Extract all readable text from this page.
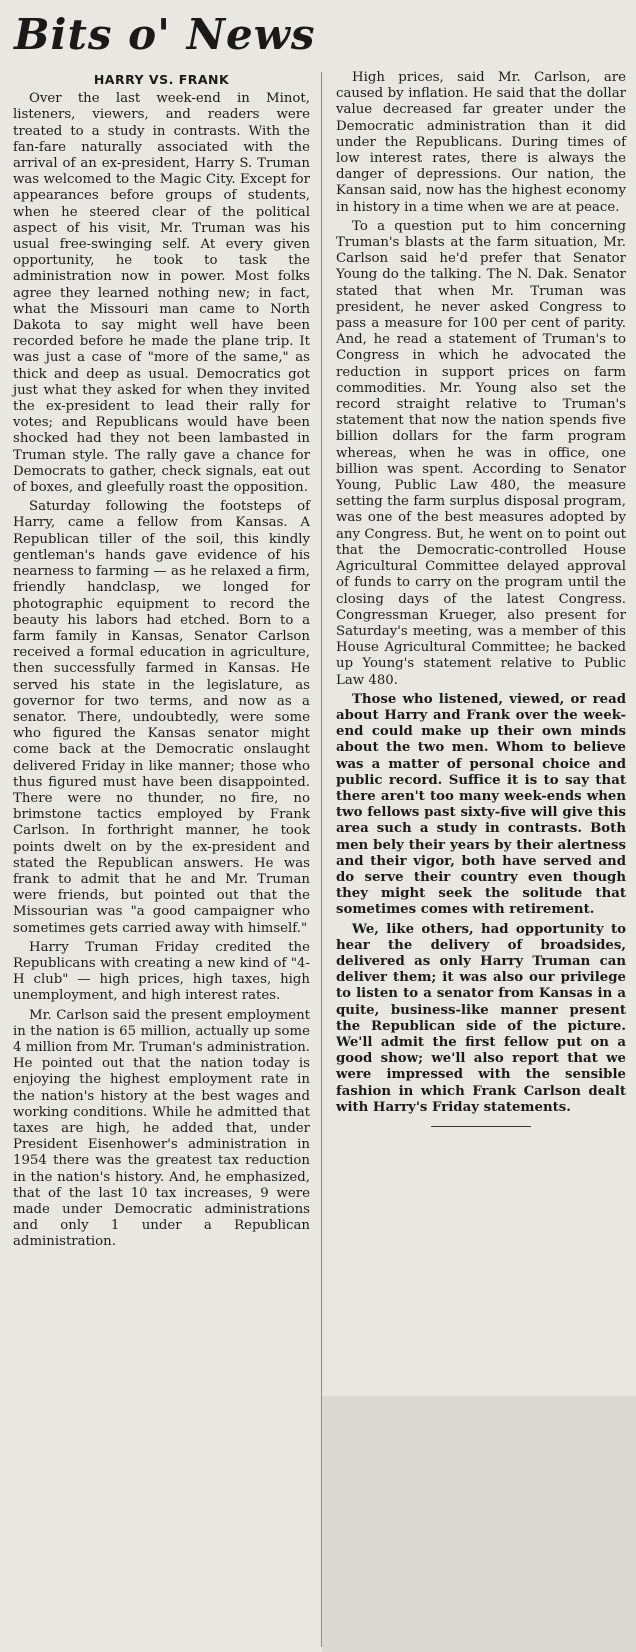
Bits o' News
HARRY VS. FRANK

Over the last week-end in Minot, listeners, viewers, and readers were treated to a study in contrasts. With the fan-fare naturally associated with the arrival of an ex-president, Harry S. Truman was welcomed to the Magic City. Except for appearances before groups of students, when he steered clear of the political aspect of his visit, Mr. Truman was his usual free-swinging self. At every given opportunity, he took to task the administration now in power. Most folks agree they learned nothing new; in fact, what the Missouri man came to North Dakota to say might well have been recorded before he made the plane trip. It was just a case of "more of the same," as thick and deep as usual. Democratics got just what they asked for when they invited the ex-president to lead their rally for votes; and Republicans would have been shocked had they not been lambasted in Truman style. The rally gave a chance for Democrats to gather, check signals, eat out of boxes, and gleefully roast the opposition.

Saturday following the footsteps of Harry, came a fellow from Kansas. A Republican tiller of the soil, this kindly gentleman's hands gave evidence of his nearness to farming — as he relaxed a firm, friendly handclasp, we longed for photographic equipment to record the beauty his labors had etched. Born to a farm family in Kansas, Senator Carlson received a formal education in agriculture, then successfully farmed in Kansas. He served his state in the legislature, as governor for two terms, and now as a senator. There, undoubtedly, were some who figured the Kansas senator might come back at the Democratic onslaught delivered Friday in like manner; those who thus figured must have been disappointed. There were no thunder, no fire, no brimstone tactics employed by Frank Carlson. In forthright manner, he took points dwelt on by the ex-president and stated the Republican answers. He was frank to admit that he and Mr. Truman were friends, but pointed out that the Missourian was "a good campaigner who sometimes gets carried away with himself."

Harry Truman Friday credited the Republicans with creating a new kind of "4-H club" — high prices, high taxes, high unemployment, and high interest rates.

Mr. Carlson said the present employment in the nation is 65 million, actually up some 4 million from Mr. Truman's administration. He pointed out that the nation today is enjoying the highest employment rate in the nation's history at the best wages and working conditions. While he admitted that taxes are high, he added that, under President Eisenhower's administration in 1954 there was the greatest tax reduction in the nation's history. And, he emphasized, that of the last 10 tax increases, 9 were made under Democratic administrations and only 1 under a Republican administration.

High prices, said Mr. Carlson, are caused by inflation. He said that the dollar value decreased far greater under the Democratic administration than it did under the Republicans. During times of low interest rates, there is always the danger of depressions. Our nation, the Kansan said, now has the highest economy in history in a time when we are at peace.

To a question put to him concerning Truman's blasts at the farm situation, Mr. Carlson said he'd prefer that Senator Young do the talking. The N. Dak. Senator stated that when Mr. Truman was president, he never asked Congress to pass a measure for 100 per cent of parity. And, he read a statement of Truman's to Congress in which he advocated the reduction in support prices on farm commodities. Mr. Young also set the record straight relative to Truman's statement that now the nation spends five billion dollars for the farm program whereas, when he was in office, one billion was spent. According to Senator Young, Public Law 480, the measure setting the farm surplus disposal program, was one of the best measures adopted by any Congress. But, he went on to point out that the Democratic-controlled House Agricultural Committee delayed approval of funds to carry on the program until the closing days of the latest Congress. Congressman Krueger, also present for Saturday's meeting, was a member of this House Agricultural Committee; he backed up Young's statement relative to Public Law 480.

Those who listened, viewed, or read about Harry and Frank over the week-end could make up their own minds about the two men. Whom to believe was a matter of personal choice and public record. Suffice it is to say that there aren't too many week-ends when two fellows past sixty-five will give this area such a study in contrasts. Both men bely their years by their alertness and their vigor, both have served and do serve their country even though they might seek the solitude that sometimes comes with retirement.

We, like others, had opportunity to hear the delivery of broadsides, delivered as only Harry Truman can deliver them; it was also our privilege to listen to a senator from Kansas in a quite, business-like manner present the Republican side of the picture. We'll admit the first fellow put on a good show; we'll also report that we were impressed with the sensible fashion in which Frank Carlson dealt with Harry's Friday statements.
